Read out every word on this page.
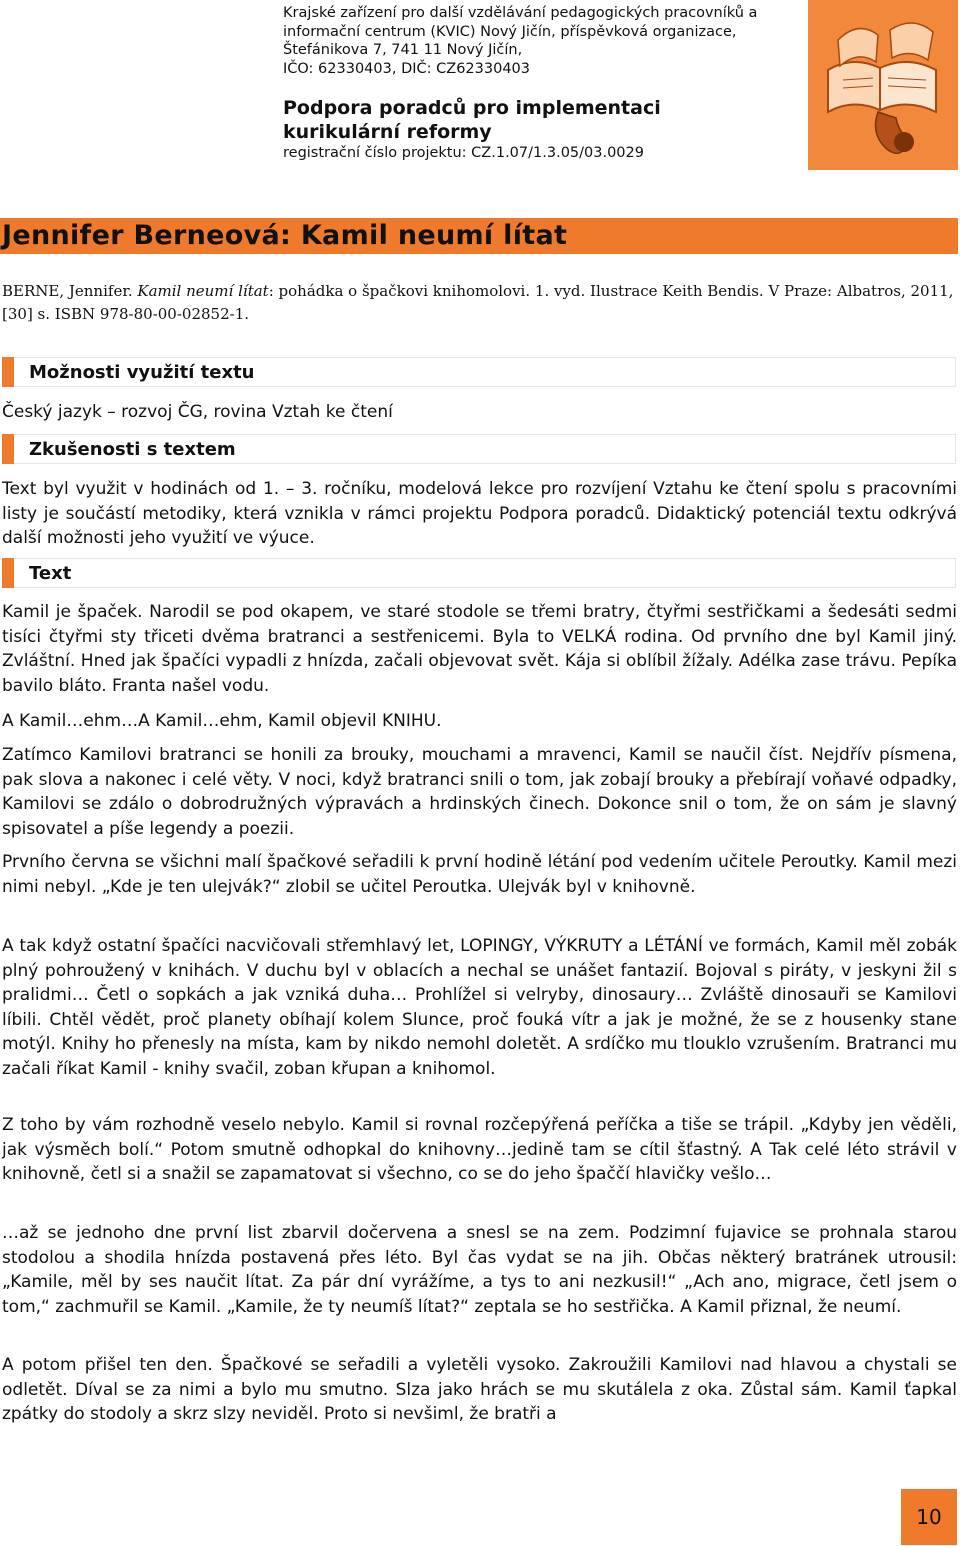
Krajské zařízení pro další vzdělávání pedagogických pracovníků a
informační centrum (KVIC) Nový Jičín, příspěvková organizace,
Štefánikova 7, 741 11 Nový Jičín,
IČO: 62330403, DIČ: CZ62330403
Podpora poradců pro implementaci
kurikulární reformy
registrační číslo projektu: CZ.1.07/1.3.05/03.0029
Jennifer Berneová: Kamil neumí lítat
BERNE, Jennifer. Kamil neumí lítat: pohádka o špačkovi knihomolovi. 1. vyd. Ilustrace Keith Bendis. V Praze: Albatros, 2011, [30] s. ISBN 978-80-00-02852-1.
Možnosti využití textu
Český jazyk – rozvoj ČG, rovina Vztah ke čtení
Zkušenosti s textem
Text byl využit v hodinách od 1. – 3. ročníku, modelová lekce pro rozvíjení Vztahu ke čtení spolu s pracovními listy je součástí metodiky, která vznikla v rámci projektu Podpora poradců. Didaktický potenciál textu odkrývá další možnosti jeho využití ve výuce.
Text
Kamil je špaček. Narodil se pod okapem, ve staré stodole se třemi bratry, čtyřmi sestřičkami a šedesáti sedmi tisíci čtyřmi sty třiceti dvěma bratranci a sestřenicemi. Byla to VELKÁ rodina. Od prvního dne byl Kamil jiný. Zvláštní. Hned jak špačíci vypadli z hnízda, začali objevovat svět. Kája si oblíbil žížaly. Adélka zase trávu. Pepíka bavilo bláto. Franta našel vodu.
A Kamil…ehm…A Kamil…ehm, Kamil objevil KNIHU.
Zatímco Kamilovi bratranci se honili za brouky, mouchami a mravenci, Kamil se naučil číst. Nejdřív písmena, pak slova a nakonec i celé věty. V noci, když bratranci snili o tom, jak zobají brouky a přebírají voňavé odpadky, Kamilovi se zdálo o dobrodružných výpravách a hrdinských činech. Dokonce snil o tom, že on sám je slavný spisovatel a píše legendy a poezii.
Prvního června se všichni malí špačkové seřadili k první hodině létání pod vedením učitele Peroutky. Kamil mezi nimi nebyl. „Kde je ten ulejvák?“ zlobil se učitel Peroutka. Ulejvák byl v knihovně.
A tak když ostatní špačíci nacvičovali střemhlavý let, LOPINGY, VÝKRUTY a LÉTÁNÍ ve formách, Kamil měl zobák plný pohroužený v knihách. V duchu byl v oblacích a nechal se unášet fantazií. Bojoval s piráty, v jeskyni žil s pralidmi… Četl o sopkách a jak vzniká duha… Prohlížel si velryby, dinosaury… Zvláště dinosauři se Kamilovi líbili. Chtěl vědět, proč planety obíhají kolem Slunce, proč fouká vítr a jak je možné, že se z housenky stane motýl. Knihy ho přenesly na místa, kam by nikdo nemohl doletět. A srdíčko mu tlouklo vzrušením. Bratranci mu začali říkat Kamil - knihy svačil, zoban křupan a knihomol.
Z toho by vám rozhodně veselo nebylo. Kamil si rovnal rozčepýřená peříčka a tiše se trápil. „Kdyby jen věděli, jak výsměch bolí.“ Potom smutně odhopkal do knihovny…jedině tam se cítil šťastný. A Tak celé léto strávil v knihovně, četl si a snažil se zapamatovat si všechno, co se do jeho špaččí hlavičky vešlo…
…až se jednoho dne první list zbarvil dočervena a snesl se na zem. Podzimní fujavice se prohnala starou stodolou a shodila hnízda postavená přes léto. Byl čas vydat se na jih. Občas některý bratránek utrousil: „Kamile, měl by ses naučit lítat. Za pár dní vyrážíme, a tys to ani nezkusil!“ „Ach ano, migrace, četl jsem o tom,“ zachmuřil se Kamil. „Kamile, že ty neumíš lítat?“ zeptala se ho sestřička. A Kamil přiznal, že neumí.
A potom přišel ten den. Špačkové se seřadili a vyletěli vysoko. Zakroužili Kamilovi nad hlavou a chystali se odletět. Díval se za nimi a bylo mu smutno. Slza jako hrách se mu skutálela z oka. Zůstal sám. Kamil ťapkal zpátky do stodoly a skrz slzy neviděl. Proto si nevšiml, že bratři a
10
